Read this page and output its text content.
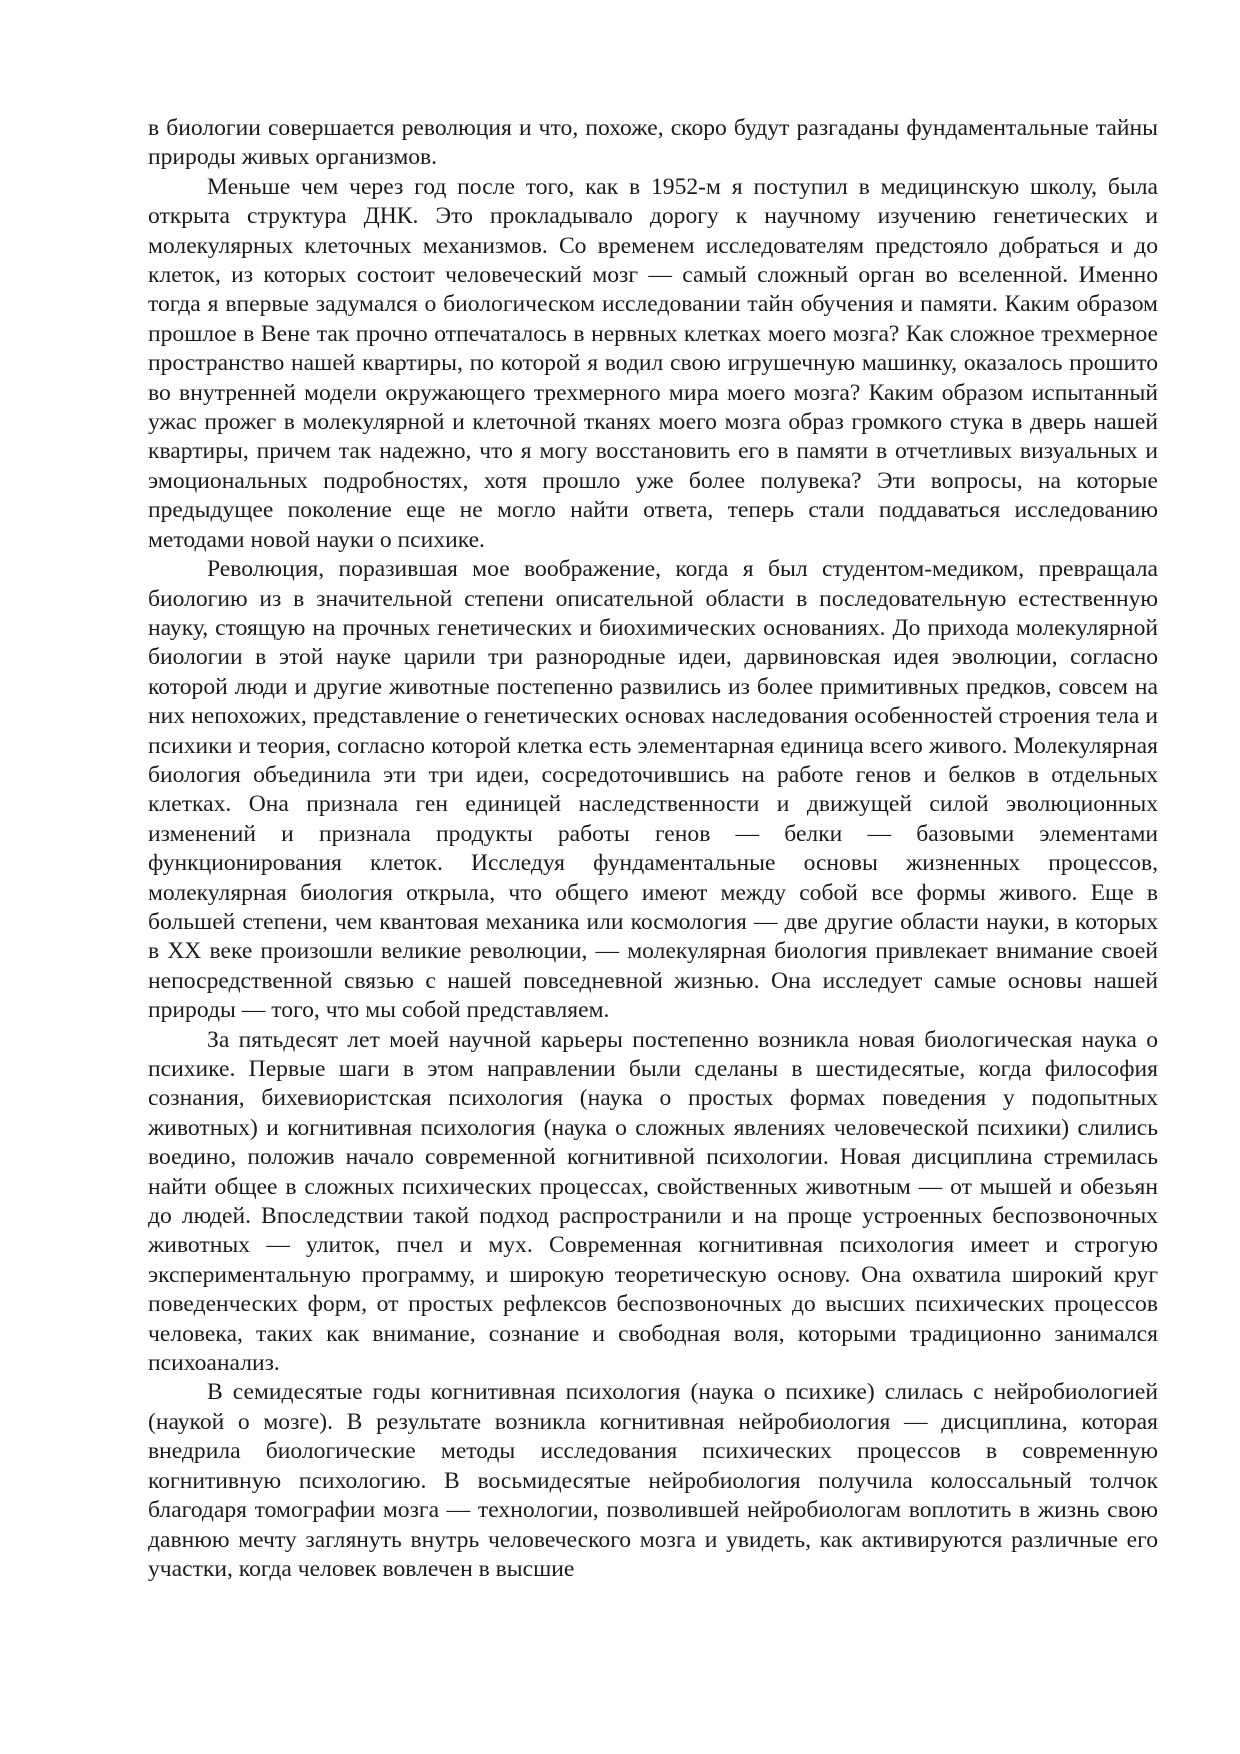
в биологии совершается революция и что, похоже, скоро будут разгаданы фундаментальные тайны природы живых организмов.

Меньше чем через год после того, как в 1952-м я поступил в медицинскую школу, была открыта структура ДНК. Это прокладывало дорогу к научному изучению генетических и молекулярных клеточных механизмов. Со временем исследователям предстояло добраться и до клеток, из которых состоит человеческий мозг — самый сложный орган во вселенной. Именно тогда я впервые задумался о биологическом исследовании тайн обучения и памяти. Каким образом прошлое в Вене так прочно отпечаталось в нервных клетках моего мозга? Как сложное трехмерное пространство нашей квартиры, по которой я водил свою игрушечную машинку, оказалось прошито во внутренней модели окружающего трехмерного мира моего мозга? Каким образом испытанный ужас прожег в молекулярной и клеточной тканях моего мозга образ громкого стука в дверь нашей квартиры, причем так надежно, что я могу восстановить его в памяти в отчетливых визуальных и эмоциональных подробностях, хотя прошло уже более полувека? Эти вопросы, на которые предыдущее поколение еще не могло найти ответа, теперь стали поддаваться исследованию методами новой науки о психике.

Революция, поразившая мое воображение, когда я был студентом-медиком, превращала биологию из в значительной степени описательной области в последовательную естественную науку, стоящую на прочных генетических и биохимических основаниях. До прихода молекулярной биологии в этой науке царили три разнородные идеи, дарвиновская идея эволюции, согласно которой люди и другие животные постепенно развились из более примитивных предков, совсем на них непохожих, представление о генетических основах наследования особенностей строения тела и психики и теория, согласно которой клетка есть элементарная единица всего живого. Молекулярная биология объединила эти три идеи, сосредоточившись на работе генов и белков в отдельных клетках. Она признала ген единицей наследственности и движущей силой эволюционных изменений и признала продукты работы генов — белки — базовыми элементами функционирования клеток. Исследуя фундаментальные основы жизненных процессов, молекулярная биология открыла, что общего имеют между собой все формы живого. Еще в большей степени, чем квантовая механика или космология — две другие области науки, в которых в XX веке произошли великие революции, — молекулярная биология привлекает внимание своей непосредственной связью с нашей повседневной жизнью. Она исследует самые основы нашей природы — того, что мы собой представляем.

За пятьдесят лет моей научной карьеры постепенно возникла новая биологическая наука о психике. Первые шаги в этом направлении были сделаны в шестидесятые, когда философия сознания, бихевиористская психология (наука о простых формах поведения у подопытных животных) и когнитивная психология (наука о сложных явлениях человеческой психики) слились воедино, положив начало современной когнитивной психологии. Новая дисциплина стремилась найти общее в сложных психических процессах, свойственных животным — от мышей и обезьян до людей. Впоследствии такой подход распространили и на проще устроенных беспозвоночных животных — улиток, пчел и мух. Современная когнитивная психология имеет и строгую экспериментальную программу, и широкую теоретическую основу. Она охватила широкий круг поведенческих форм, от простых рефлексов беспозвоночных до высших психических процессов человека, таких как внимание, сознание и свободная воля, которыми традиционно занимался психоанализ.

В семидесятые годы когнитивная психология (наука о психике) слилась с нейробиологией (наукой о мозге). В результате возникла когнитивная нейробиология — дисциплина, которая внедрила биологические методы исследования психических процессов в современную когнитивную психологию. В восьмидесятые нейробиология получила колоссальный толчок благодаря томографии мозга — технологии, позволившей нейробиологам воплотить в жизнь свою давнюю мечту заглянуть внутрь человеческого мозга и увидеть, как активируются различные его участки, когда человек вовлечен в высшие
